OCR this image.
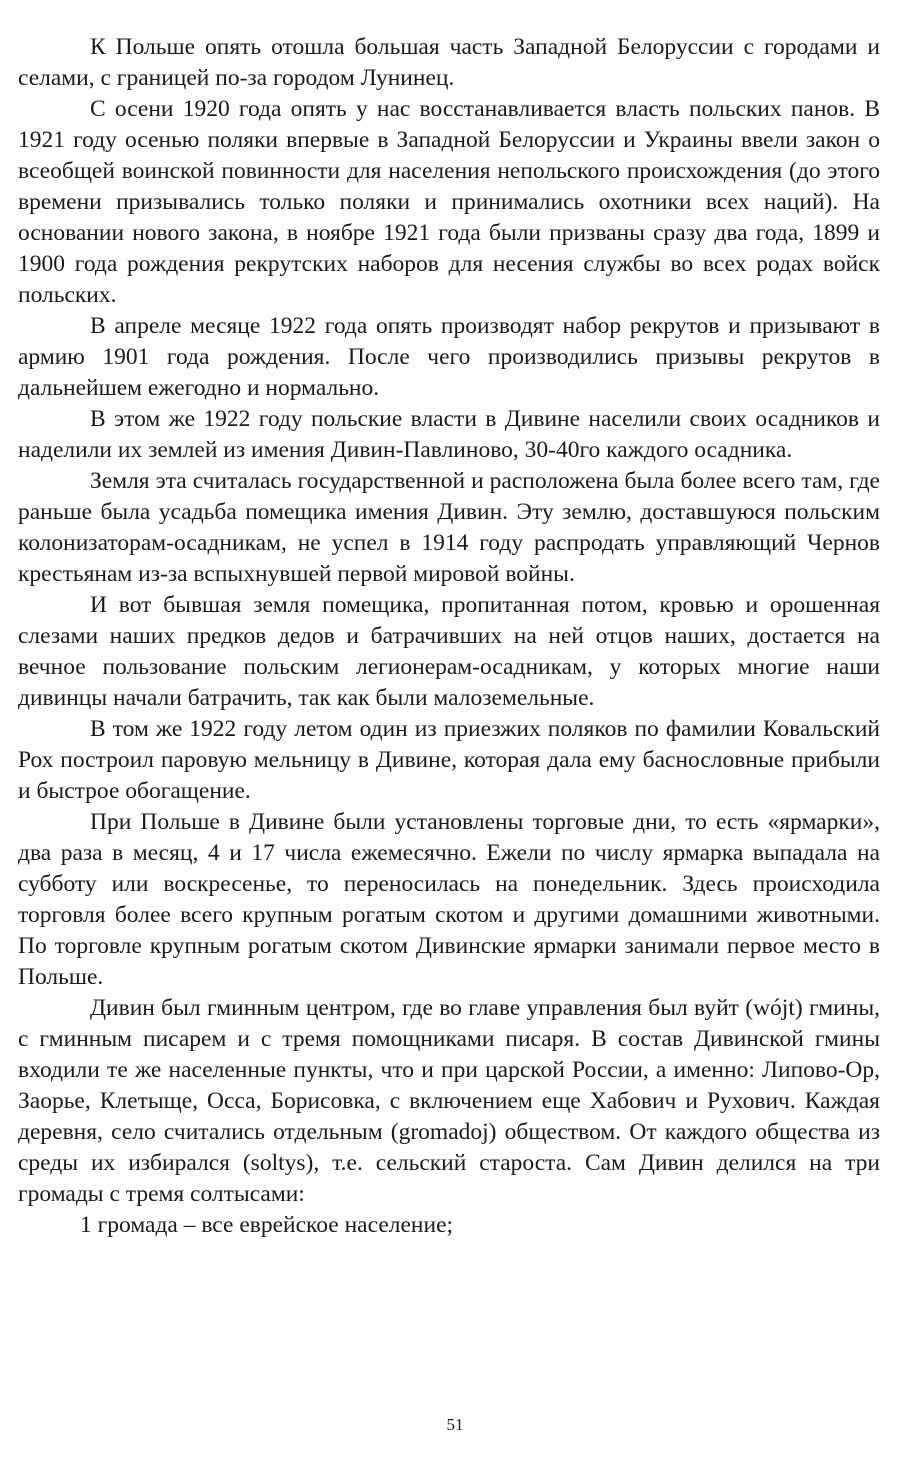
К Польше опять отошла большая часть Западной Белоруссии с городами и селами, с границей по-за городом Лунинец.

С осени 1920 года опять у нас восстанавливается власть польских панов. В 1921 году осенью поляки впервые в Западной Белоруссии и Украины ввели закон о всеобщей воинской повинности для населения непольского происхождения (до этого времени призывались только поляки и принимались охотники всех наций). На основании нового закона, в ноябре 1921 года были призваны сразу два года, 1899 и 1900 года рождения рекрутских наборов для несения службы во всех родах войск польских.

В апреле месяце 1922 года опять производят набор рекрутов и призывают в армию 1901 года рождения. После чего производились призывы рекрутов в дальнейшем ежегодно и нормально.

В этом же 1922 году польские власти в Дивине населили своих осадников и наделили их землей из имения Дивин-Павлиново, 30-40го каждого осадника.

Земля эта считалась государственной и расположена была более всего там, где раньше была усадьба помещика имения Дивин. Эту землю, доставшуюся польским колонизаторам-осадникам, не успел в 1914 году распродать управляющий Чернов крестьянам из-за вспыхнувшей первой мировой войны.

И вот бывшая земля помещика, пропитанная потом, кровью и орошенная слезами наших предков дедов и батрачивших на ней отцов наших, достается на вечное пользование польским легионерам-осадникам, у которых многие наши дивинцы начали батрачить, так как были малоземельные.

В том же 1922 году летом один из приезжих поляков по фамилии Ковальский Рох построил паровую мельницу в Дивине, которая дала ему баснословные прибыли и быстрое обогащение.

При Польше в Дивине были установлены торговые дни, то есть «ярмарки», два раза в месяц, 4 и 17 числа ежемесячно. Ежели по числу ярмарка выпадала на субботу или воскресенье, то переносилась на понедельник. Здесь происходила торговля более всего крупным рогатым скотом и другими домашними животными. По торговле крупным рогатым скотом Дивинские ярмарки занимали первое место в Польше.

Дивин был гминным центром, где во главе управления был вуйт (wójt) гмины, с гминным писарем и с тремя помощниками писаря. В состав Дивинской гмины входили те же населенные пункты, что и при царской России, а именно: Липово-Ор, Заорье, Клетыще, Осса, Борисовка, с включением еще Хабович и Рухович. Каждая деревня, село считались отдельным (gromadoj) обществом. От каждого общества из среды их избирался (soltys), т.е. сельский староста. Сам Дивин делился на три громады с тремя солтысами:

1 громада – все еврейское население;

51
